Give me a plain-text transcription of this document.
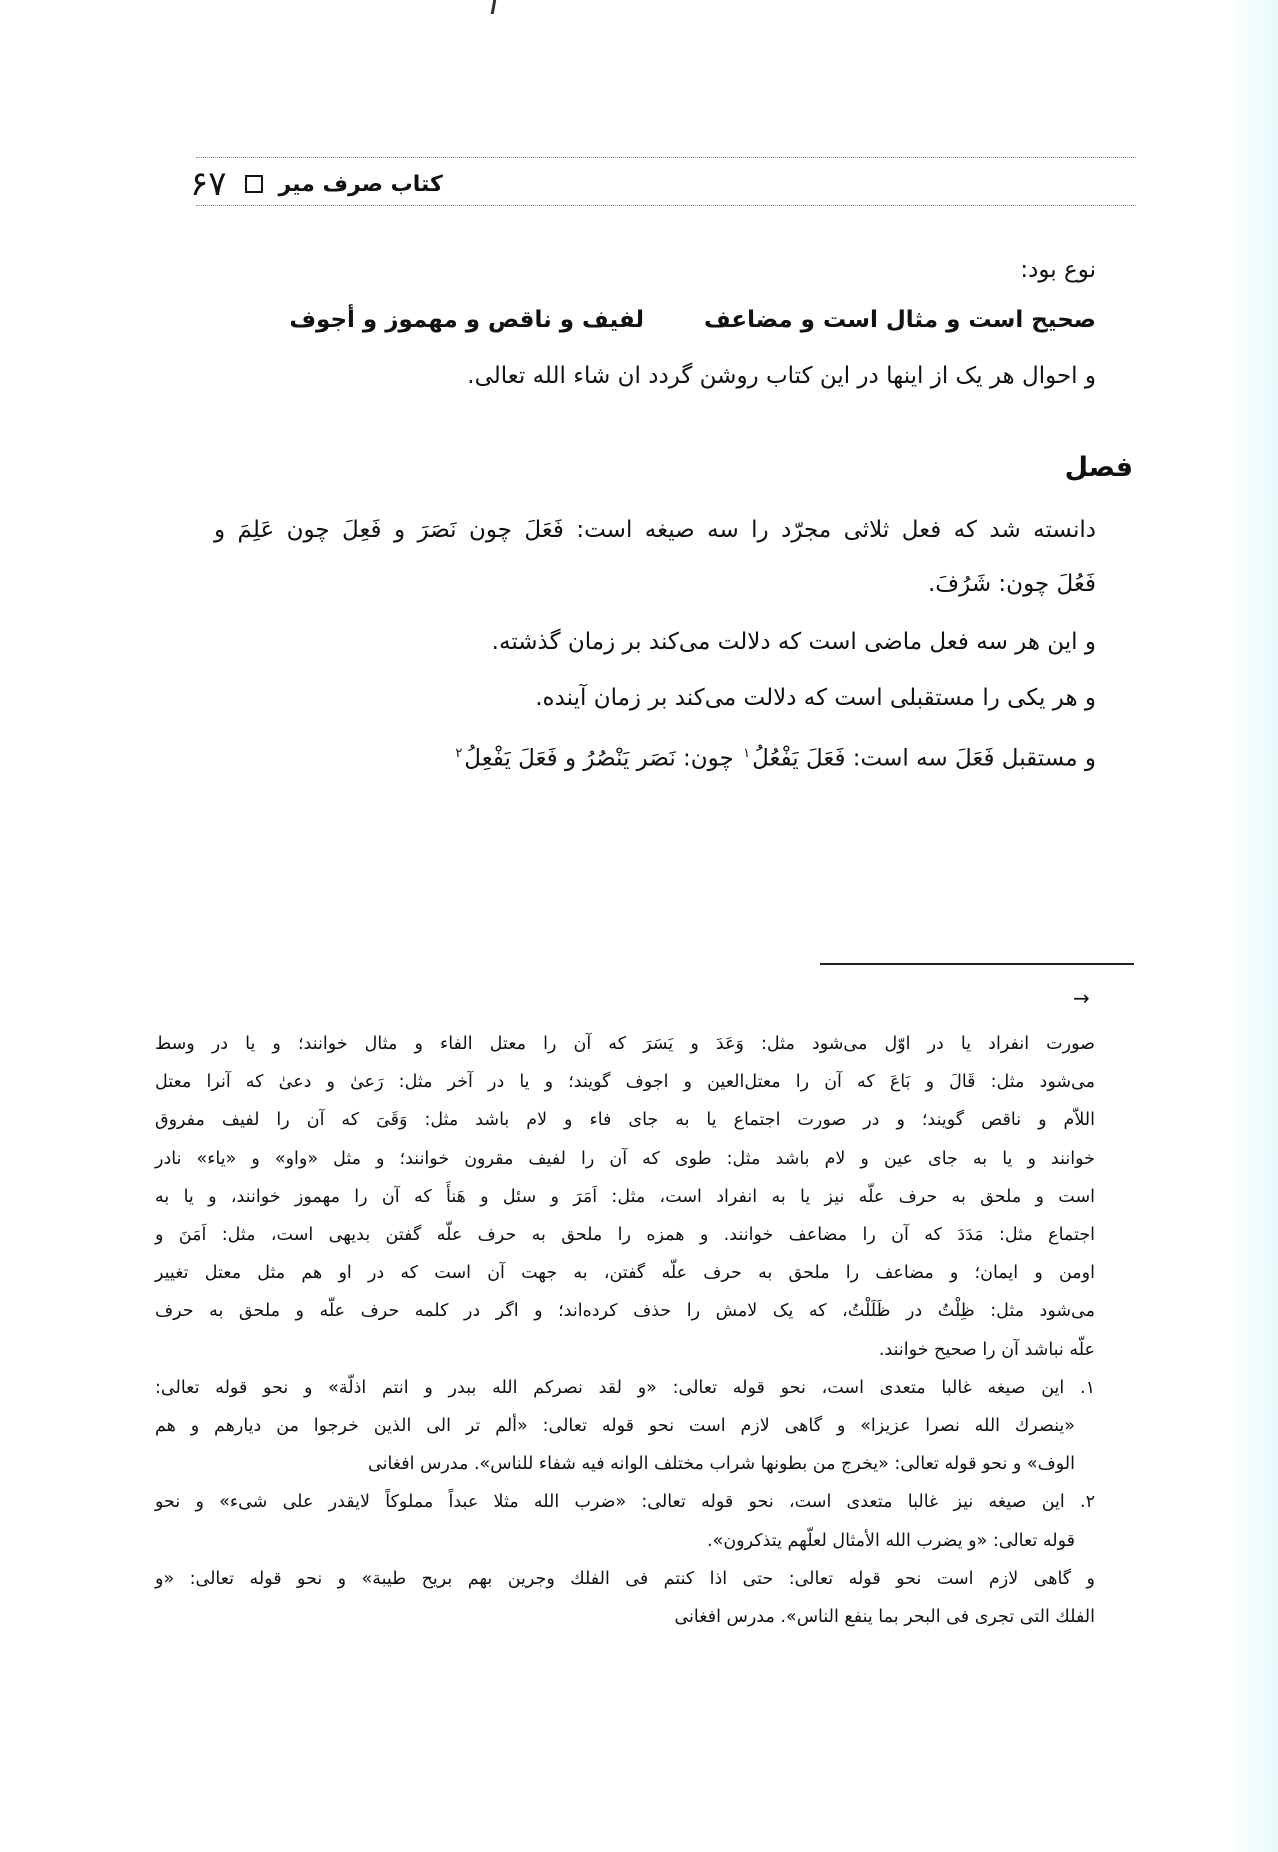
۶۷ کتاب صرف میر
نوع بود:
صحیح است و مثال است و مضاعفلفیف و ناقص و مهموز و أجوف
و احوال هر یک از اینها در این کتاب روشن گردد ان شاء الله تعالی.
فصل
دانسته شد که فعل ثلاثی مجرّد را سه صیغه است: فَعَلَ چون نَصَرَ و فَعِلَ چون عَلِمَ و
فَعُلَ چون: شَرُفَ.
و این هر سه فعل ماضی است که دلالت می‌کند بر زمان گذشته.
و هر یکی را مستقبلی است که دلالت می‌کند بر زمان آینده.
و مستقبل فَعَلَ سه است: فَعَلَ یَفْعُلُ$^۱$ چون: نَصَر یَنْصُرُ و فَعَلَ یَفْعِلُ$^۲$
→
صورت انفراد یا در اوّل می‌شود مثل: وَعَدَ و یَسَرَ که آن را معتل الفاء و مثال خوانند؛ و یا در وسط
می‌شود مثل: قَالَ و بَاعَ که آن را معتل‌العین و اجوف گویند؛ و یا در آخر مثل: رَعیٰ و دعیٰ که آنرا معتل
اللاّم و ناقص گویند؛ و در صورت اجتماع یا به جای فاء و لام باشد مثل: وَقَیَ که آن را لفیف مفروق
خوانند و یا به جای عین و لام باشد مثل: طوی که آن را لفیف مقرون خوانند؛ و مثل «واو» و «یاء» نادر
است و ملحق به حرف علّه نیز یا به انفراد است، مثل: اَمَرَ و سئل و هَنأَ که آن را مهموز خوانند، و یا به
اجتماع مثل: مَدَدَ که آن را مضاعف خوانند. و همزه را ملحق به حرف علّه گفتن بدیهی است، مثل: اَمَنَ و
اومن و ایمان؛ و مضاعف را ملحق به حرف علّه گفتن، به جهت آن است که در او هم مثل معتل تغییر
می‌شود مثل: ظِلْتُ در ظَلَلْتُ، که یک لامش را حذف کرده‌اند؛ و اگر در کلمه حرف علّه و ملحق به حرف
علّه نباشد آن را صحیح خوانند.
۱. این صیغه غالبا متعدی است، نحو قوله تعالی: «و لقد نصرکم الله ببدر و انتم اذلّة» و نحو قوله تعالی:
«ینصرك الله نصرا عزیزا» و گاهی لازم است نحو قوله تعالی: «ألم تر الی الذین خرجوا من دیارهم و هم
الوف» و نحو قوله تعالی: «یخرج من بطونها شراب مختلف الوانه فیه شفاء للناس». مدرس افغانی
۲. این صیغه نیز غالبا متعدی است، نحو قوله تعالی: «ضرب الله مثلا عبداً مملوکاً لایقدر علی شیء» و نحو
قوله تعالی: «و یضرب الله الأمثال لعلّهم یتذکرون».
و گاهی لازم است نحو قوله تعالی: حتی اذا کنتم فی الفلك وجرین بهم بریح طیبة» و نحو قوله تعالی: «و
الفلك التی تجری فی البحر بما ینفع الناس». مدرس افغانی
